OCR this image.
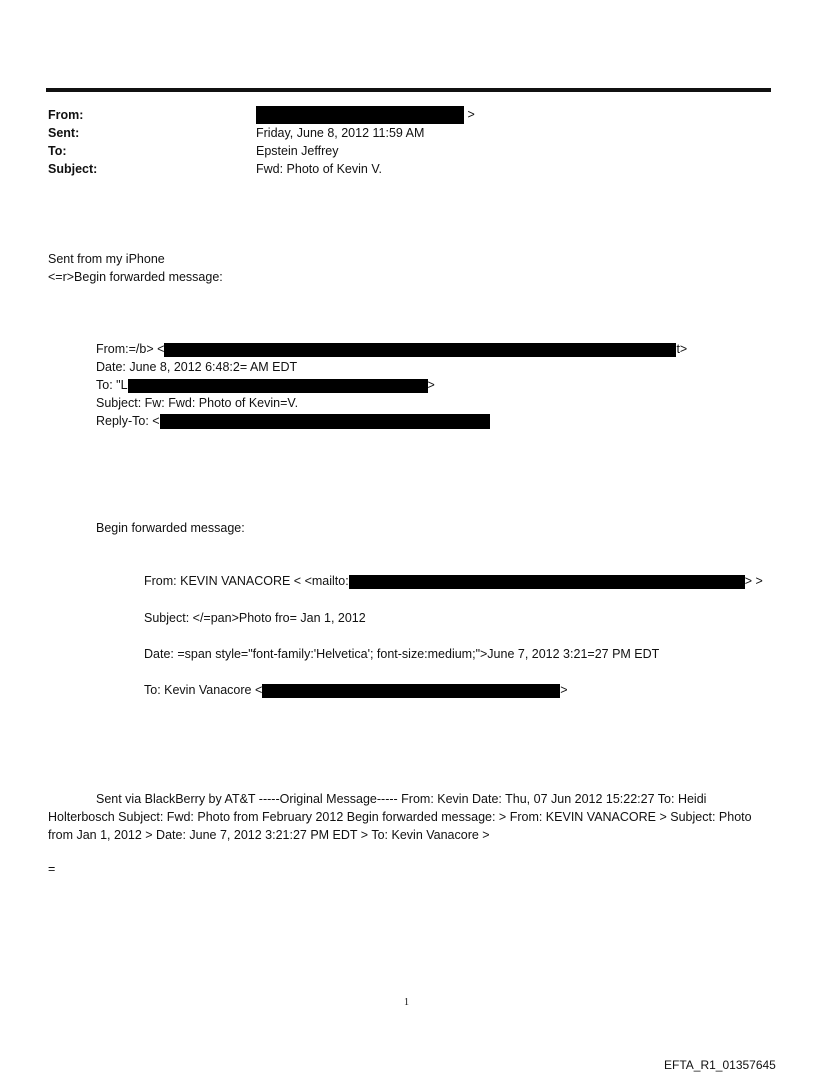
From:	>
Sent:	Friday, June 8, 2012 11:59 AM
To:	Epstein Jeffrey
Subject:	Fwd: Photo of Kevin V.
Sent from my iPhone
<=r>Begin forwarded message:
From:=/b> <	t>
Date: June 8, 2012 6:48:2= AM EDT
To: "L	>
Subject: Fw: Fwd: Photo of Kevin=V.
Reply-To: <
Begin forwarded message:
From: KEVIN VANACORE < <mailto:	> >
Subject: </=pan>Photo fro= Jan 1, 2012
Date: =span style="font-family:'Helvetica'; font-size:medium;">June 7, 2012 3:21=27 PM EDT
To: Kevin Vanacore <	>
Sent via BlackBerry by AT&T -----Original Message----- From: Kevin Date: Thu, 07 Jun 2012 15:22:27 To: Heidi Holterbosch Subject: Fwd: Photo from February 2012 Begin forwarded message: > From: KEVIN VANACORE > Subject: Photo from Jan 1, 2012 > Date: June 7, 2012 3:21:27 PM EDT > To: Kevin Vanacore >
=
1
EFTA_R1_01357645
